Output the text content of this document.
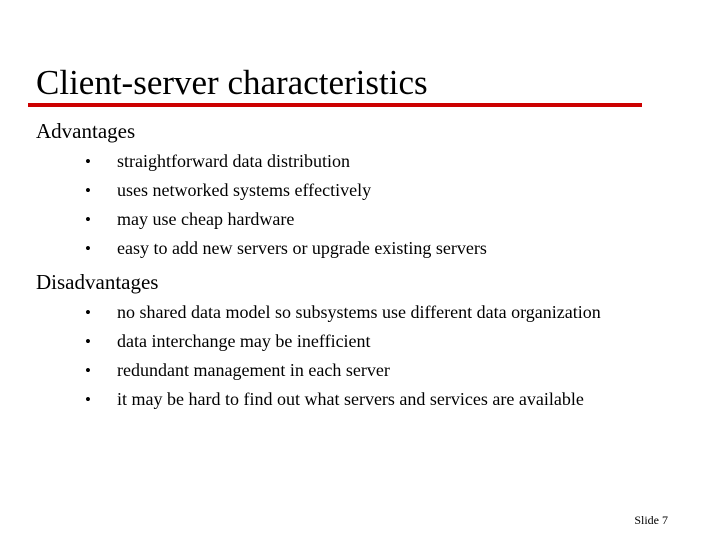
Client-server characteristics
Advantages
• straightforward data distribution
• uses networked systems effectively
• may use cheap hardware
• easy to add new servers or upgrade existing servers
Disadvantages
• no shared data model so subsystems use different data organization
• data interchange may be inefficient
• redundant management in each server
• it may be hard to find out what servers and services are available
Slide 7
